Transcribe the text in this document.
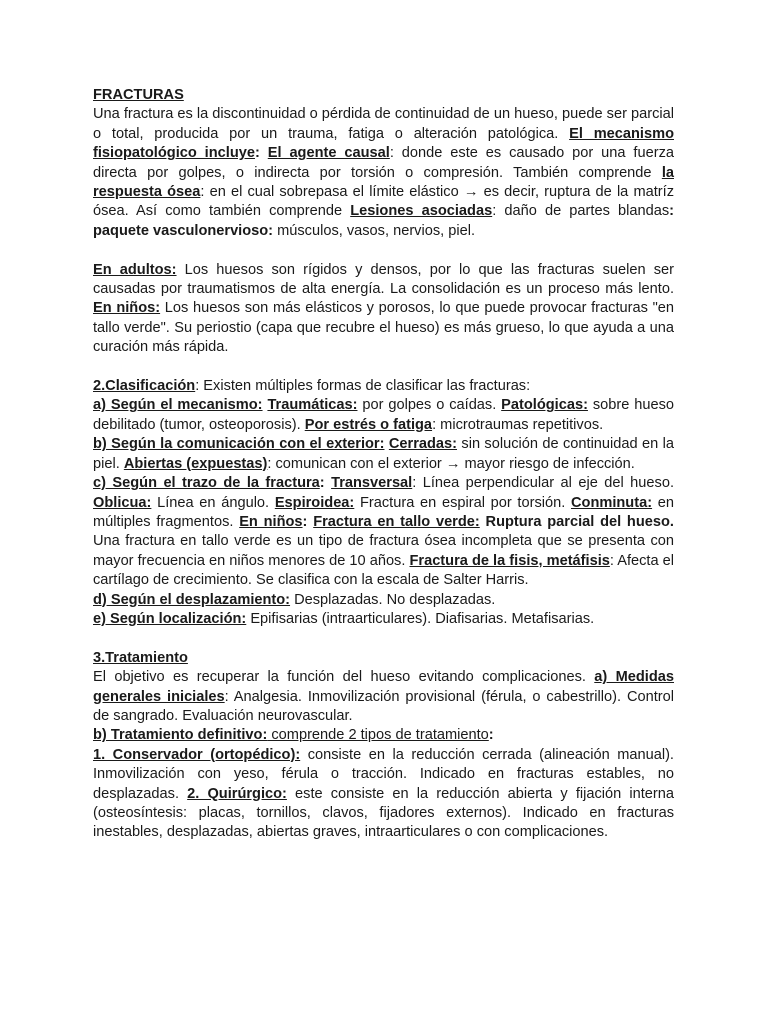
FRACTURAS

Una fractura es la discontinuidad o pérdida de continuidad de un hueso, puede ser parcial o total, producida por un trauma, fatiga o alteración patológica. El mecanismo fisiopatológico incluye: El agente causal: donde este es causado por una fuerza directa por golpes, o indirecta por torsión o compresión. También comprende la respuesta ósea: en el cual sobrepasa el límite elástico → es decir, ruptura de la matríz ósea. Así como también comprende Lesiones asociadas: daño de partes blandas: paquete vasculonervioso: músculos, vasos, nervios, piel.

En adultos: Los huesos son rígidos y densos, por lo que las fracturas suelen ser causadas por traumatismos de alta energía. La consolidación es un proceso más lento. En niños: Los huesos son más elásticos y porosos, lo que puede provocar fracturas "en tallo verde". Su periostio (capa que recubre el hueso) es más grueso, lo que ayuda a una curación más rápida.

2.Clasificación: Existen múltiples formas de clasificar las fracturas:

a) Según el mecanismo: Traumáticas: por golpes o caídas. Patológicas: sobre hueso debilitado (tumor, osteoporosis). Por estrés o fatiga: microtraumas repetitivos.

b) Según la comunicación con el exterior: Cerradas: sin solución de continuidad en la piel. Abiertas (expuestas): comunican con el exterior → mayor riesgo de infección.

c) Según el trazo de la fractura: Transversal: Línea perpendicular al eje del hueso. Oblicua: Línea en ángulo. Espiroidea: Fractura en espiral por torsión. Conminuta: en múltiples fragmentos. En niños: Fractura en tallo verde: Ruptura parcial del hueso. Una fractura en tallo verde es un tipo de fractura ósea incompleta que se presenta con mayor frecuencia en niños menores de 10 años. Fractura de la fisis, metáfisis: Afecta el cartílago de crecimiento. Se clasifica con la escala de Salter Harris.

d) Según el desplazamiento: Desplazadas. No desplazadas.

e) Según localización: Epifisarias (intraarticulares). Diafisarias. Metafisarias.

3.Tratamiento

El objetivo es recuperar la función del hueso evitando complicaciones. a) Medidas generales iniciales: Analgesia. Inmovilización provisional (férula, o cabestrillo). Control de sangrado. Evaluación neurovascular.

b) Tratamiento definitivo: comprende 2 tipos de tratamiento:

1. Conservador (ortopédico): consiste en la reducción cerrada (alineación manual). Inmovilización con yeso, férula o tracción. Indicado en fracturas estables, no desplazadas. 2. Quirúrgico: este consiste en la reducción abierta y fijación interna (osteosíntesis: placas, tornillos, clavos, fijadores externos). Indicado en fracturas inestables, desplazadas, abiertas graves, intraarticulares o con complicaciones.
